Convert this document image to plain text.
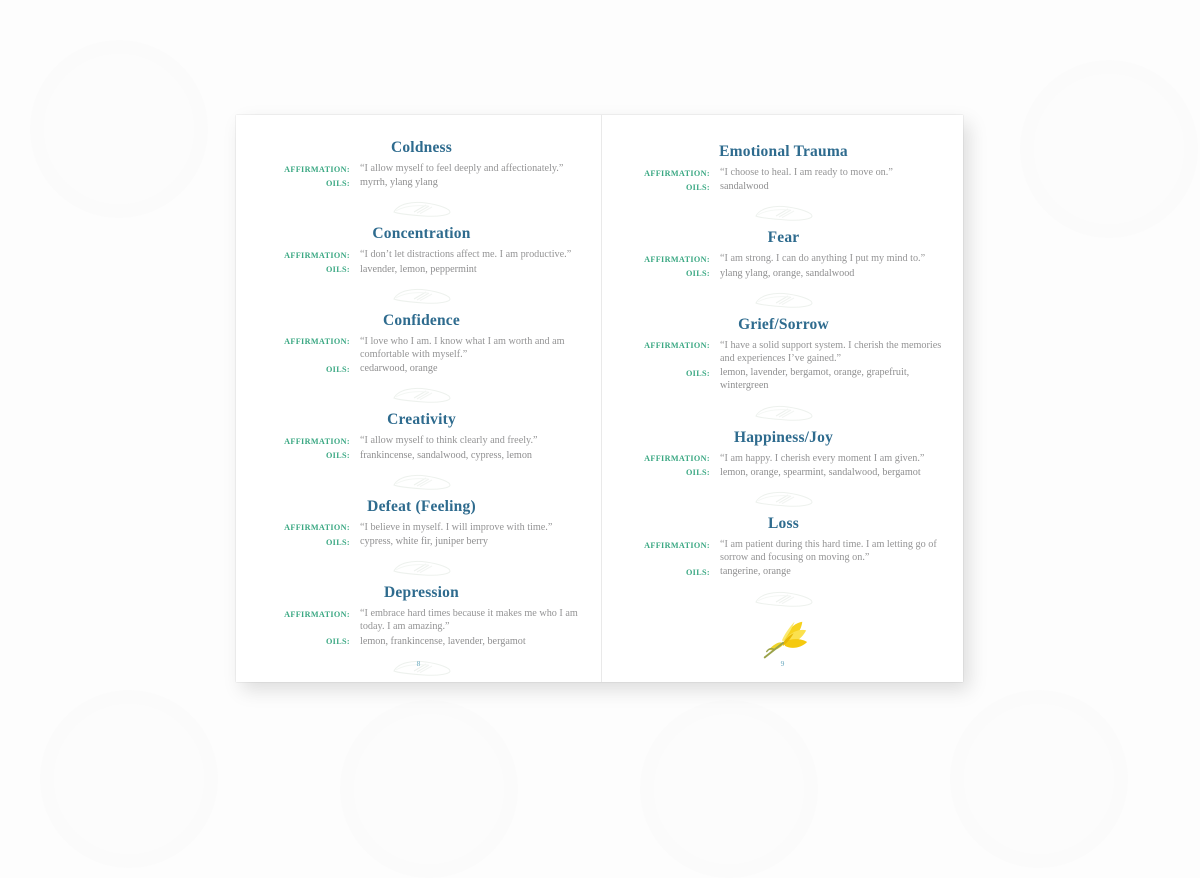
Coldness
AFFIRMATION: “I allow myself to feel deeply and affectionately.”
OILS: myrrh, ylang ylang
Concentration
AFFIRMATION: “I don’t let distractions affect me. I am productive.”
OILS: lavender, lemon, peppermint
Confidence
AFFIRMATION: “I love who I am. I know what I am worth and am comfortable with myself.”
OILS: cedarwood, orange
Creativity
AFFIRMATION: “I allow myself to think clearly and freely.”
OILS: frankincense, sandalwood, cypress, lemon
Defeat (Feeling)
AFFIRMATION: “I believe in myself. I will improve with time.”
OILS: cypress, white fir, juniper berry
Depression
AFFIRMATION: “I embrace hard times because it makes me who I am today. I am amazing.”
OILS: lemon, frankincense, lavender, bergamot
8
Emotional Trauma
AFFIRMATION: “I choose to heal. I am ready to move on.”
OILS: sandalwood
Fear
AFFIRMATION: “I am strong. I can do anything I put my mind to.”
OILS: ylang ylang, orange, sandalwood
Grief/Sorrow
AFFIRMATION: “I have a solid support system. I cherish the memories and experiences I’ve gained.”
OILS: lemon, lavender, bergamot, orange, grapefruit, wintergreen
Happiness/Joy
AFFIRMATION: “I am happy. I cherish every moment I am given.”
OILS: lemon, orange, spearmint, sandalwood, bergamot
Loss
AFFIRMATION: “I am patient during this hard time. I am letting go of sorrow and focusing on moving on.”
OILS: tangerine, orange
9
